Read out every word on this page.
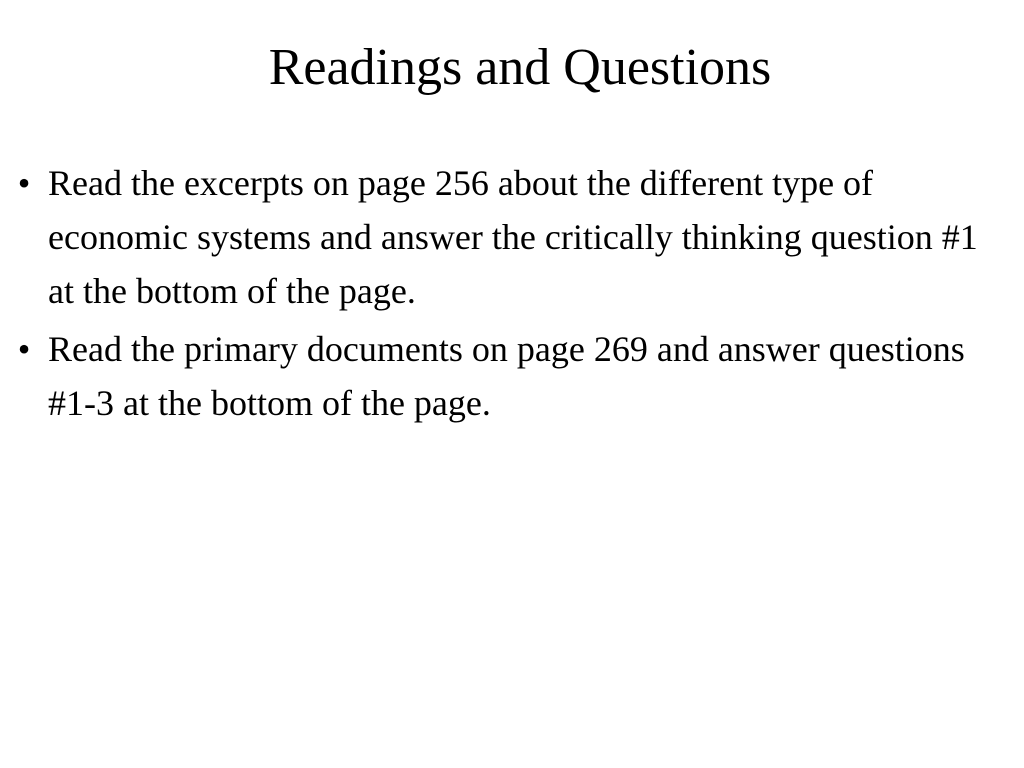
Readings and Questions
• Read the excerpts on page 256 about the different type of economic systems and answer the critically thinking question #1 at the bottom of the page.
• Read the primary documents on page 269 and answer questions #1-3 at the bottom of the page.
